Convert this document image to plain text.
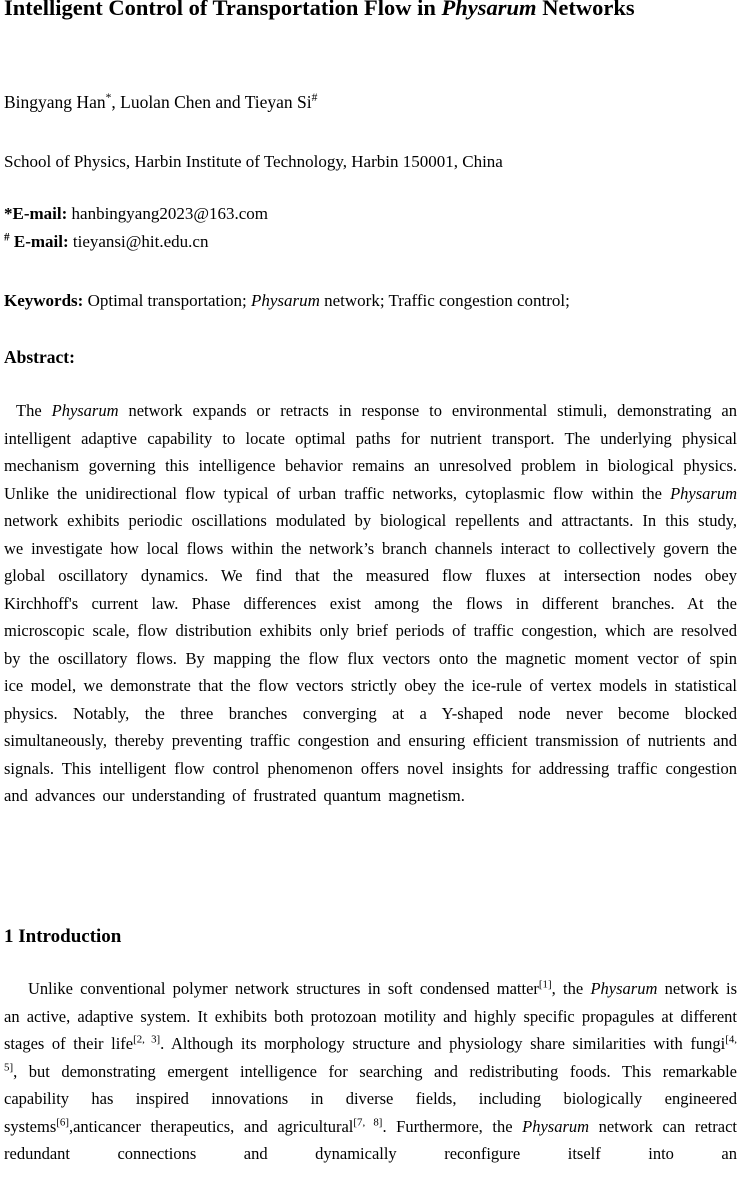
Intelligent Control of Transportation Flow in Physarum Networks

Bingyang Han*, Luolan Chen and Tieyan Si#

School of Physics, Harbin Institute of Technology, Harbin 150001, China

*E-mail: hanbingyang2023@163.com

# E-mail: tieyansi@hit.edu.cn

Keywords: Optimal transportation; Physarum network; Traffic congestion control;

Abstract:

The Physarum network expands or retracts in response to environmental stimuli, demonstrating an intelligent adaptive capability to locate optimal paths for nutrient transport. The underlying physical mechanism governing this intelligence behavior remains an unresolved problem in biological physics. Unlike the unidirectional flow typical of urban traffic networks, cytoplasmic flow within the Physarum network exhibits periodic oscillations modulated by biological repellents and attractants. In this study, we investigate how local flows within the network’s branch channels interact to collectively govern the global oscillatory dynamics. We find that the measured flow fluxes at intersection nodes obey Kirchhoff's current law. Phase differences exist among the flows in different branches. At the microscopic scale, flow distribution exhibits only brief periods of traffic congestion, which are resolved by the oscillatory flows. By mapping the flow flux vectors onto the magnetic moment vector of spin ice model, we demonstrate that the flow vectors strictly obey the ice-rule of vertex models in statistical physics. Notably, the three branches converging at a Y-shaped node never become blocked simultaneously, thereby preventing traffic congestion and ensuring efficient transmission of nutrients and signals. This intelligent flow control phenomenon offers novel insights for addressing traffic congestion and advances our understanding of frustrated quantum magnetism.

1 Introduction

Unlike conventional polymer network structures in soft condensed matter[1], the Physarum network is an active, adaptive system. It exhibits both protozoan motility and highly specific propagules at different stages of their life[2, 3]. Although its morphology structure and physiology share similarities with fungi[4, 5], but demonstrating emergent intelligence for searching and redistributing foods. This remarkable capability has inspired innovations in diverse fields, including biologically engineered systems[6],anticancer therapeutics, and agricultural[7, 8]. Furthermore, the Physarum network can retract redundant connections and dynamically reconfigure itself into an
